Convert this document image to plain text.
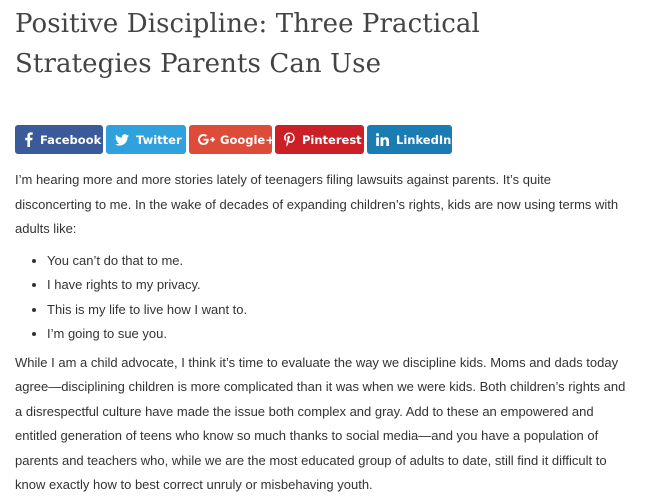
Positive Discipline: Three Practical Strategies Parents Can Use
Facebook	Twitter	Google+ Pinterest	LinkedIn

I’m hearing more and more stories lately of teenagers filing lawsuits against parents. It’s quite disconcerting to me. In the wake of decades of expanding children’s rights, kids are now using terms with adults like:

• You can’t do that to me.
• I have rights to my privacy.
• This is my life to live how I want to.
• I’m going to sue you.

While I am a child advocate, I think it’s time to evaluate the way we discipline kids. Moms and dads today agree—disciplining children is more complicated than it was when we were kids. Both children’s rights and a disrespectful culture have made the issue both complex and gray. Add to these an empowered and entitled generation of teens who know so much thanks to social media—and you have a population of parents and teachers who, while we are the most educated group of adults to date, still find it difficult to know exactly how to best correct unruly or misbehaving youth.
